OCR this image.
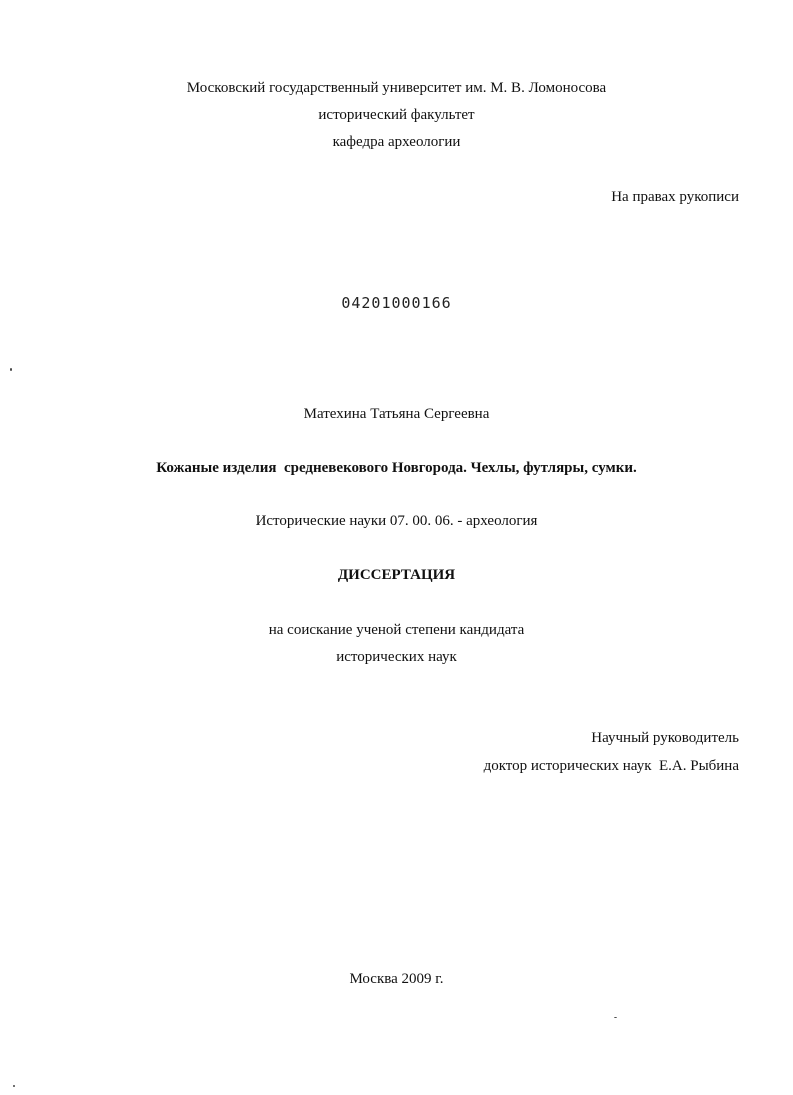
Московский государственный университет им. М. В. Ломоносова
исторический факультет
кафедра археологии
На правах рукописи
04201000166
Матехина Татьяна Сергеевна
Кожаные изделия  средневекового Новгорода. Чехлы, футляры, сумки.
Исторические науки 07. 00. 06. - археология
ДИССЕРТАЦИЯ
на соискание ученой степени кандидата
исторических наук
Научный руководитель
доктор исторических наук  Е.А. Рыбина
Москва 2009 г.
